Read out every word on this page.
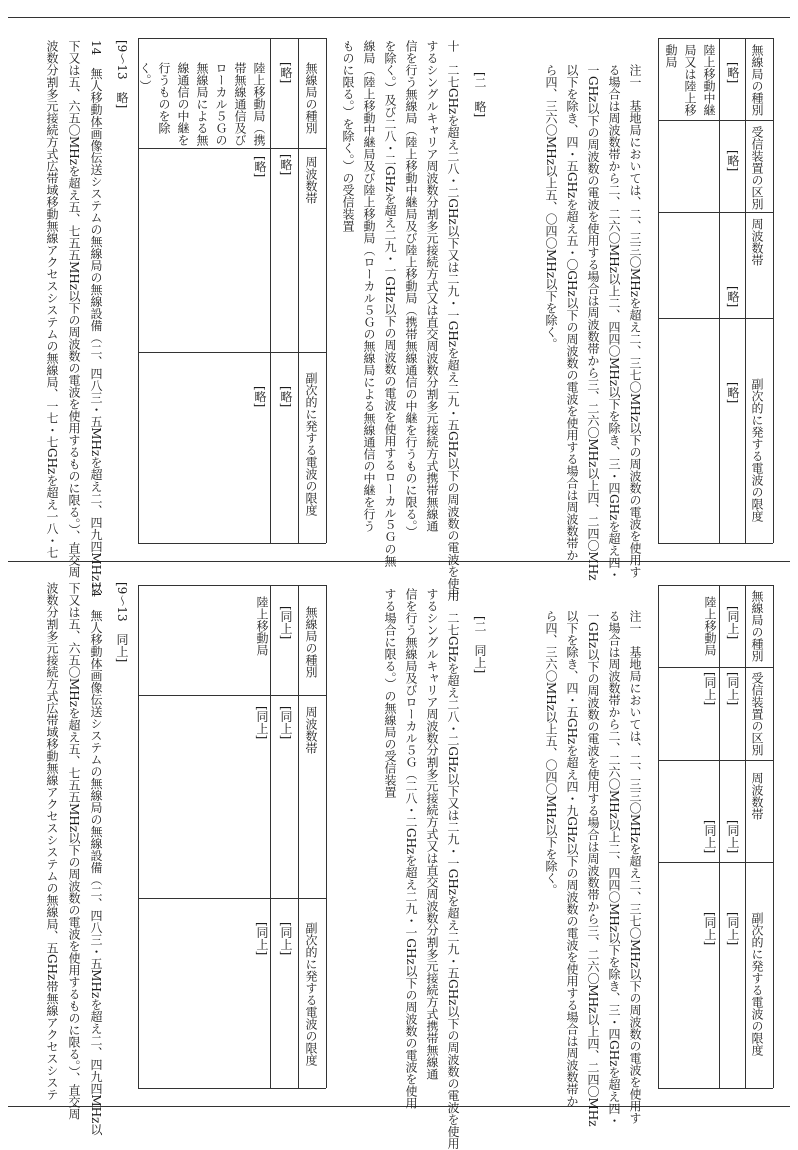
無線局の種別
受信装置の区別
周波数帯
副次的に発する電波の限度
[略]
[略]
[略]
[略]
陸上移動中継局又は陸上移動局
注一　基地局においては、二、三三〇MHzを超え二、三七〇MHz以下の周波数の電波を使用す
る場合は周波数帯から二、二六〇MHz以上二、四四〇MHz以下を除き、三・四GHzを超え四・
一GHz以下の周波数の電波を使用する場合は周波数帯から三、二六〇MHz以上四、二四〇MHz
以下を除き、四・五GHzを超え五・〇GHz以下の周波数の電波を使用する場合は周波数帯か
ら四、三六〇MHz以上五、〇四〇MHz以下を除く。
[二　略]
十　二七GHzを超え二八・二GHz以下又は二九・一GHzを超え二九・五GHz以下の周波数の電波を使用
するシングルキャリア周波数分割多元接続方式又は直交周波数分割多元接続方式携帯無線通
信を行う無線局（陸上移動中継局及び陸上移動局（携帯無線通信の中継を行うものに限る。）
を除く。）及び二八・二GHzを超え二九・一GHz以下の周波数の電波を使用するローカル５Ｇの無
線局（陸上移動中継局及び陸上移動局（ローカル５Ｇの無線局による無線通信の中継を行う
ものに限る。）を除く。）の受信装置
無線局の種別
周波数帯
副次的に発する電波の限度
[略]
[略]
[略]
陸上移動局（携帯無線通信及びローカル５Ｇの無線局による無線通信の中継を行うものを除く。）
[略]
[略]
[9〜13　略]
14　無人移動体画像伝送システムの無線局の無線設備（二、四八三・五MHzを超え二、四九四MHz以
下又は五、六五〇MHzを超え五、七五五MHz以下の周波数の電波を使用するものに限る。）、直交周
波数分割多元接続方式広帯域移動無線アクセスシステムの無線局、一七・七GHzを超え一八・七
無線局の種別
受信装置の区別
周波数帯
副次的に発する電波の限度
[同上]
[同上]
[同上]
[同上]
陸上移動局
[同上]
[同上]
[同上]
注一　基地局においては、二、三三〇MHzを超え二、三七〇MHz以下の周波数の電波を使用す
る場合は周波数帯から二、二六〇MHz以上二、四四〇MHz以下を除き、三・四GHzを超え四・
一GHz以下の周波数の電波を使用する場合は周波数帯から三、二六〇MHz以上四、二四〇MHz
以下を除き、四・五GHzを超え四・九GHz以下の周波数の電波を使用する場合は周波数帯か
ら四、三六〇MHz以上五、〇四〇MHz以下を除く。
[二　同上]
十　二七GHzを超え二八・二GHz以下又は二九・一GHzを超え二九・五GHz以下の周波数の電波を使用
するシングルキャリア周波数分割多元接続方式又は直交周波数分割多元接続方式携帯無線通
信を行う無線局及びローカル５Ｇ（二八・二GHzを超え二九・一GHz以下の周波数の電波を使用
する場合に限る。）の無線局の受信装置
無線局の種別
周波数帯
副次的に発する電波の限度
[同上]
[同上]
[同上]
陸上移動局
[同上]
[同上]
[9〜13　同上]
14　無人移動体画像伝送システムの無線局の無線設備（二、四八三・五MHzを超え二、四九四MHz以
下又は五、六五〇MHzを超え五、七五五MHz以下の周波数の電波を使用するものに限る。）、直交周
波数分割多元接続方式広帯域移動無線アクセスシステムの無線局、五GHz帯無線アクセスシステ
